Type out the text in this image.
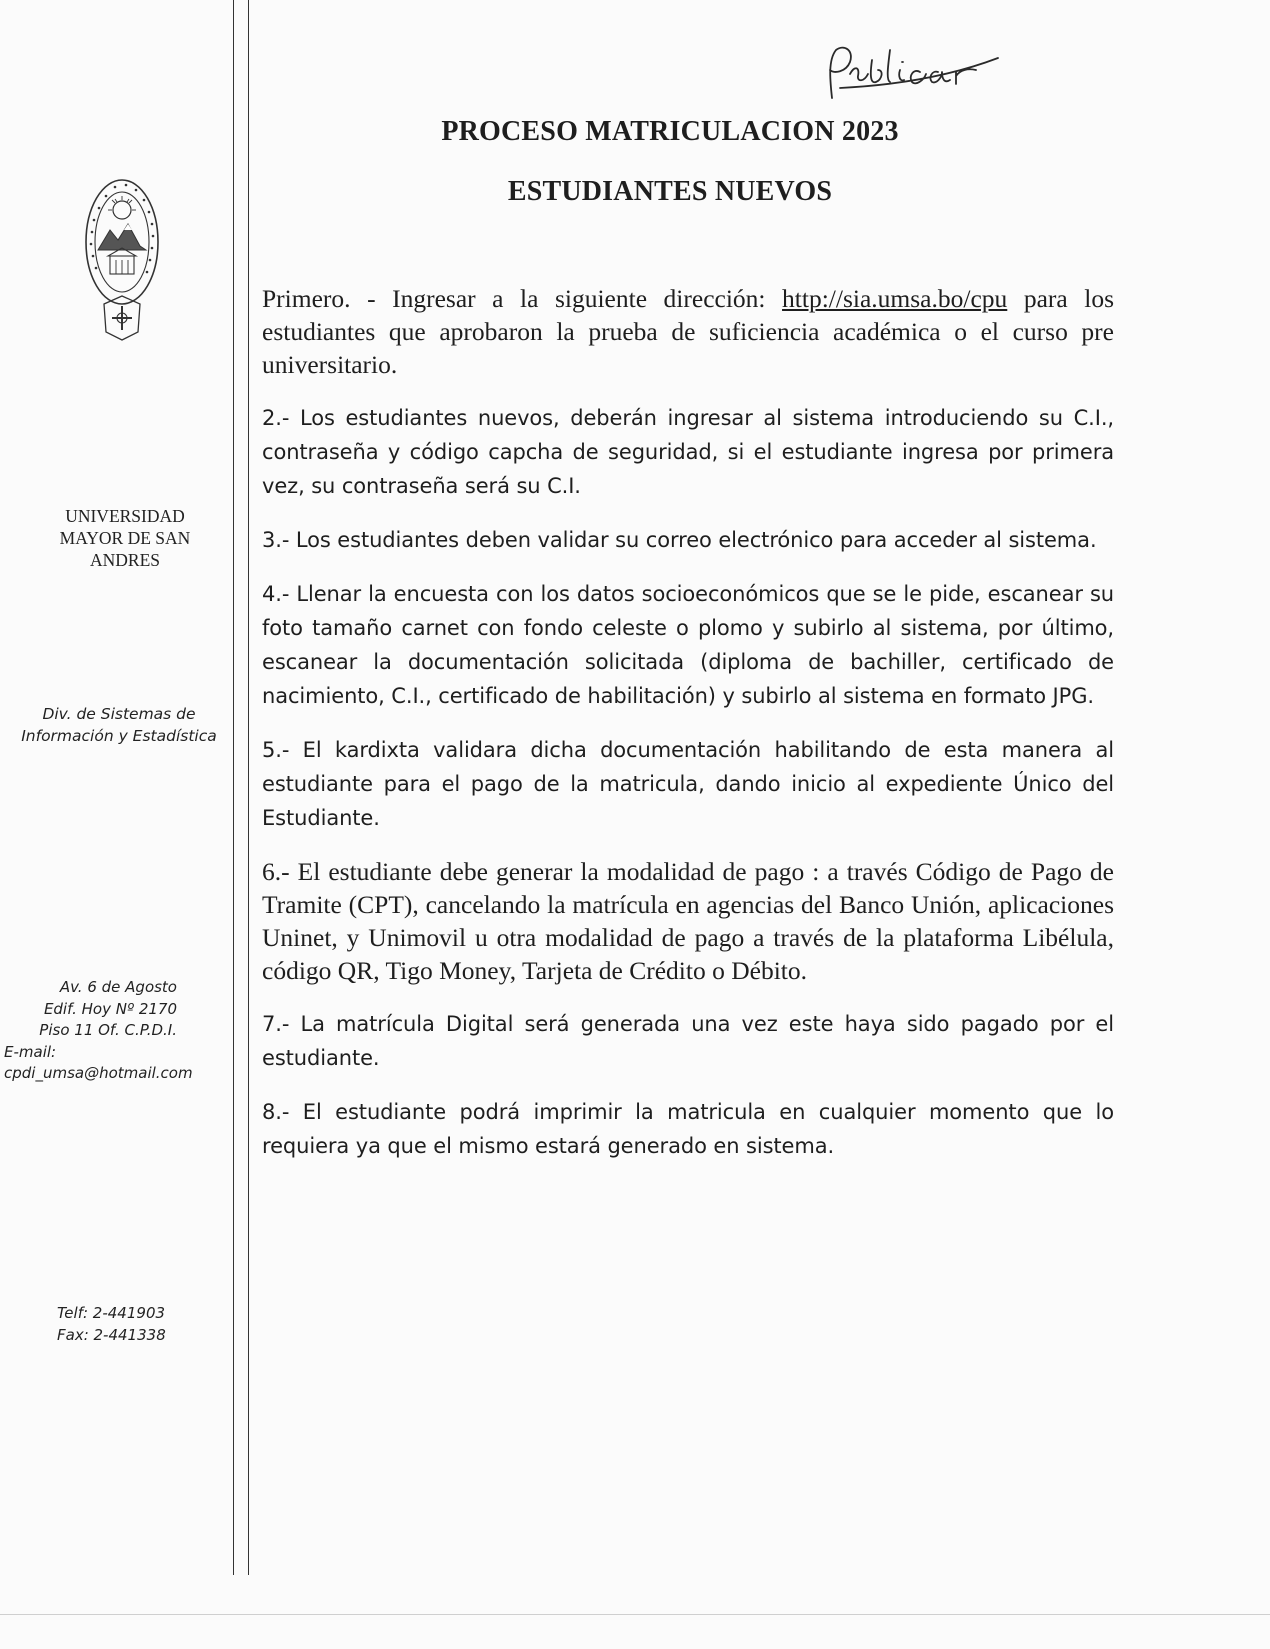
UNIVERSIDAD
MAYOR DE SAN
ANDRES
Div. de Sistemas de
Información y Estadística
Av. 6 de Agosto
Edif. Hoy Nº 2170
Piso 11 Of. C.P.D.I.
E-mail:
cpdi_umsa@hotmail.com
Telf: 2-441903
Fax: 2-441338
PROCESO MATRICULACION 2023
ESTUDIANTES NUEVOS

Primero. - Ingresar a la siguiente dirección: http://sia.umsa.bo/cpu para los estudiantes que aprobaron la prueba de suficiencia académica o el curso pre universitario.

2.- Los estudiantes nuevos, deberán ingresar al sistema introduciendo su C.I., contraseña y código capcha de seguridad, si el estudiante ingresa por primera vez, su contraseña será su C.I.

3.- Los estudiantes deben validar su correo electrónico para acceder al sistema.

4.- Llenar la encuesta con los datos socioeconómicos que se le pide, escanear su foto tamaño carnet con fondo celeste o plomo y subirlo al sistema, por último, escanear la documentación solicitada (diploma de bachiller, certificado de nacimiento, C.I., certificado de habilitación) y subirlo al sistema en formato JPG.

5.- El kardixta validara dicha documentación habilitando de esta manera al estudiante para el pago de la matricula, dando inicio al expediente Único del Estudiante.

6.- El estudiante debe generar la modalidad de pago : a través Código de Pago de Tramite (CPT), cancelando la matrícula en agencias del Banco Unión, aplicaciones Uninet, y Unimovil u otra modalidad de pago a través de la plataforma Libélula, código QR, Tigo Money, Tarjeta de Crédito o Débito.

7.- La matrícula Digital será generada una vez este haya sido pagado por el estudiante.

8.- El estudiante podrá imprimir la matricula en cualquier momento que lo requiera ya que el mismo estará generado en sistema.
